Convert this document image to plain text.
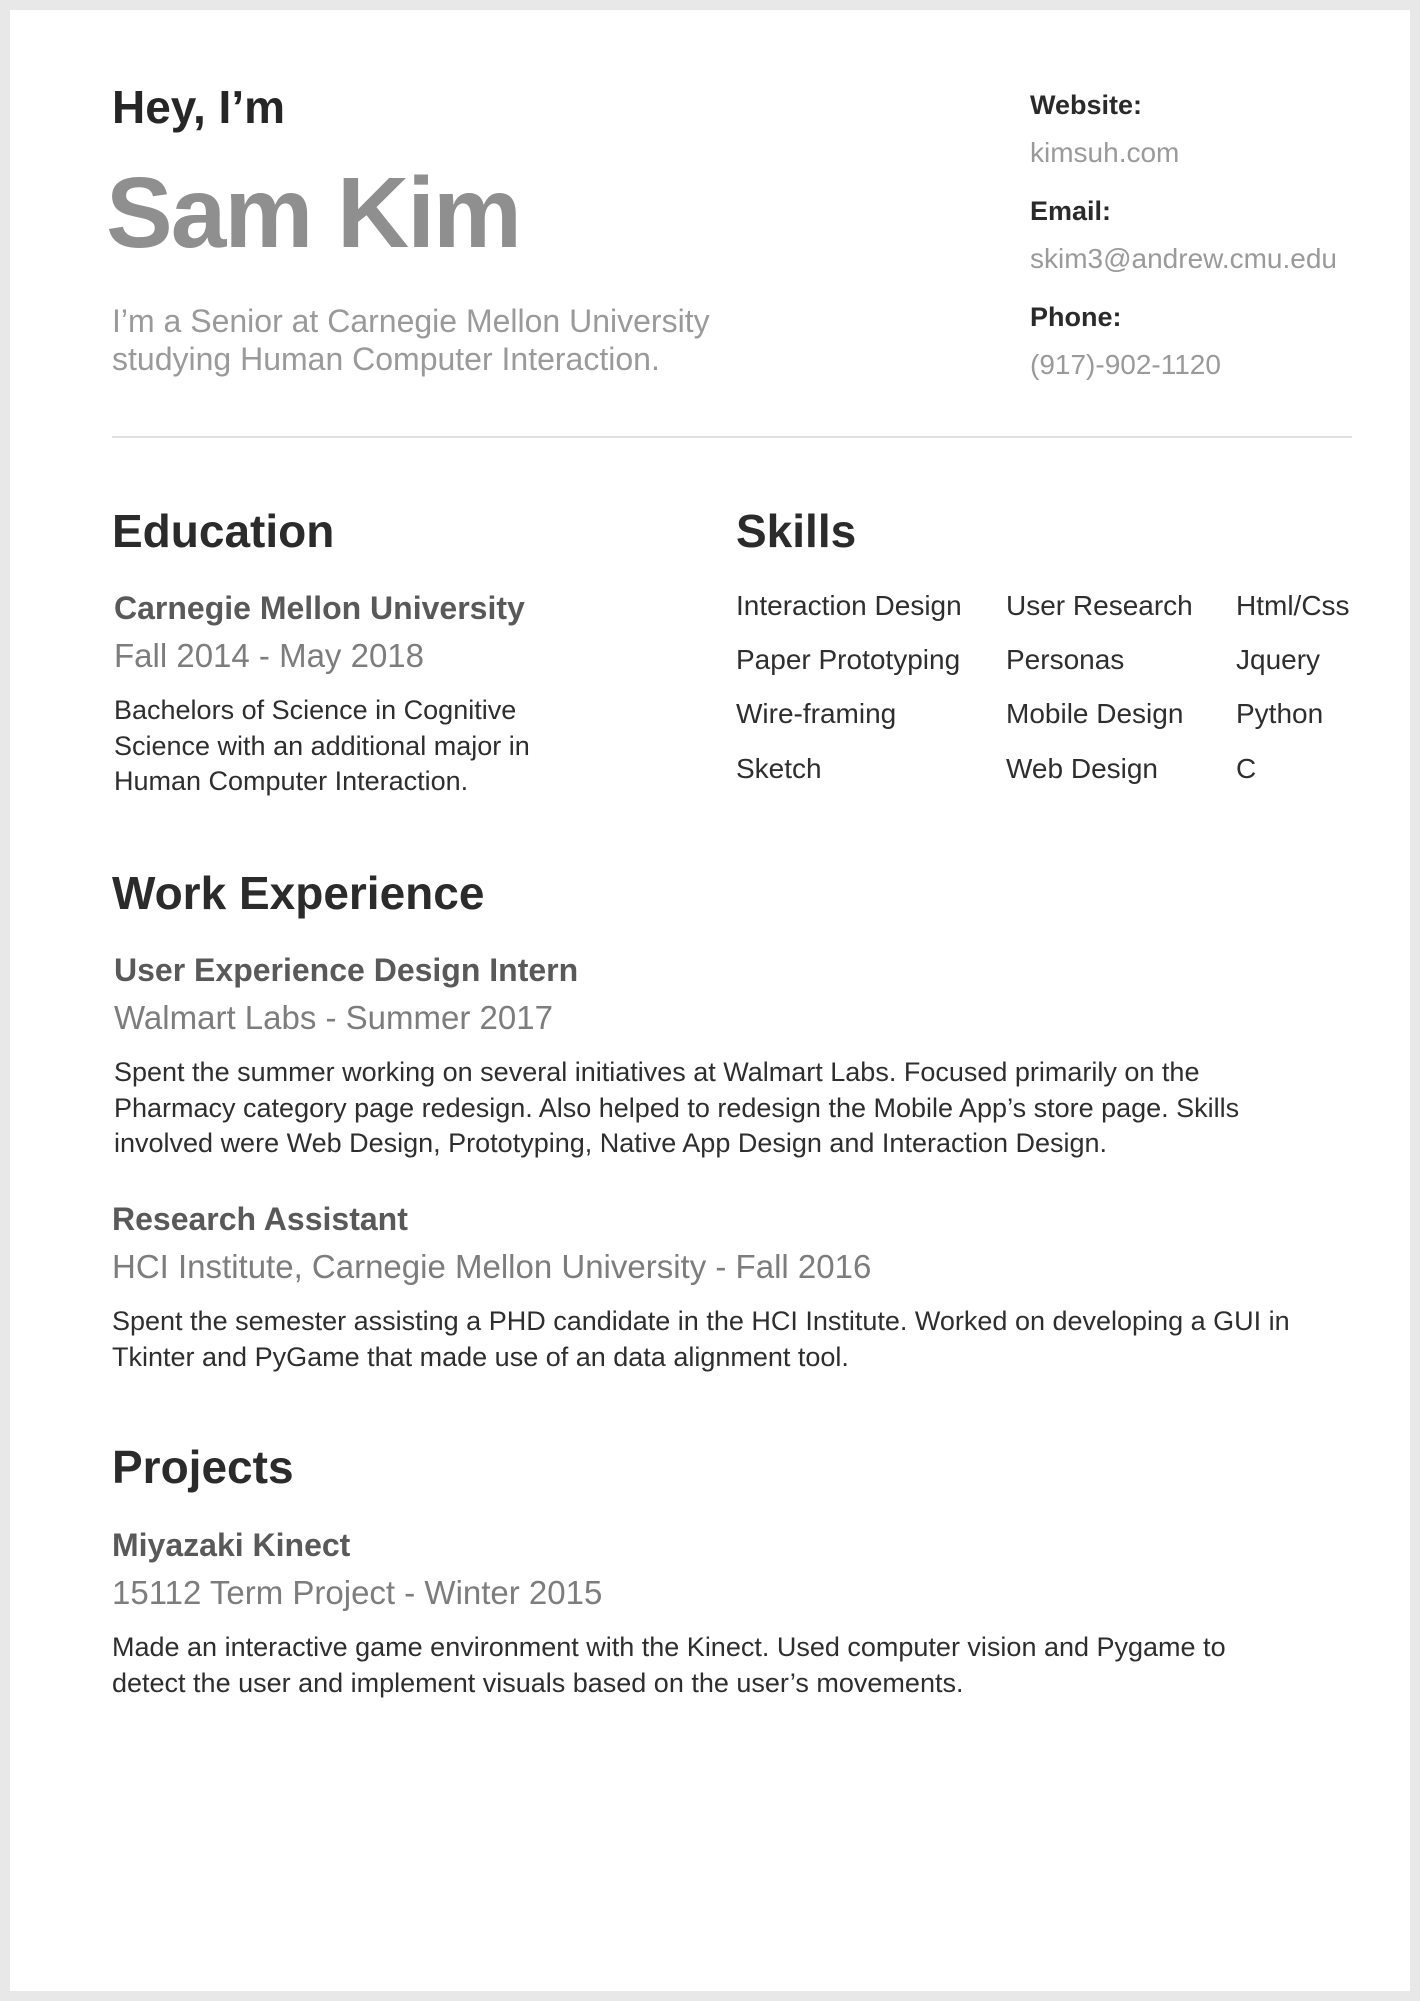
Hey, I’m

Sam Kim

I’m a Senior at Carnegie Mellon University
studying Human Computer Interaction.

Website:

kimsuh.com

Email:

skim3@andrew.cmu.edu

Phone:

(917)-902-1120

Education

Carnegie Mellon University

Fall 2014 - May 2018

Bachelors of Science in Cognitive
Science with an additional major in
Human Computer Interaction.

Skills

Interaction Design

Paper Prototyping

Wire-framing

Sketch

User Research

Personas

Mobile Design

Web Design

Html/Css

Jquery

Python

C

Work Experience

User Experience Design Intern

Walmart Labs - Summer 2017

Spent the summer working on several initiatives at Walmart Labs. Focused primarily on the
Pharmacy category page redesign. Also helped to redesign the Mobile App’s store page. Skills
involved were Web Design, Prototyping, Native App Design and Interaction Design.

Research Assistant

HCI Institute, Carnegie Mellon University - Fall 2016

Spent the semester assisting a PHD candidate in the HCI Institute. Worked on developing a GUI in
Tkinter and PyGame that made use of an data alignment tool.

Projects

Miyazaki Kinect

15112 Term Project - Winter 2015

Made an interactive game environment with the Kinect. Used computer vision and Pygame to
detect the user and implement visuals based on the user’s movements.
